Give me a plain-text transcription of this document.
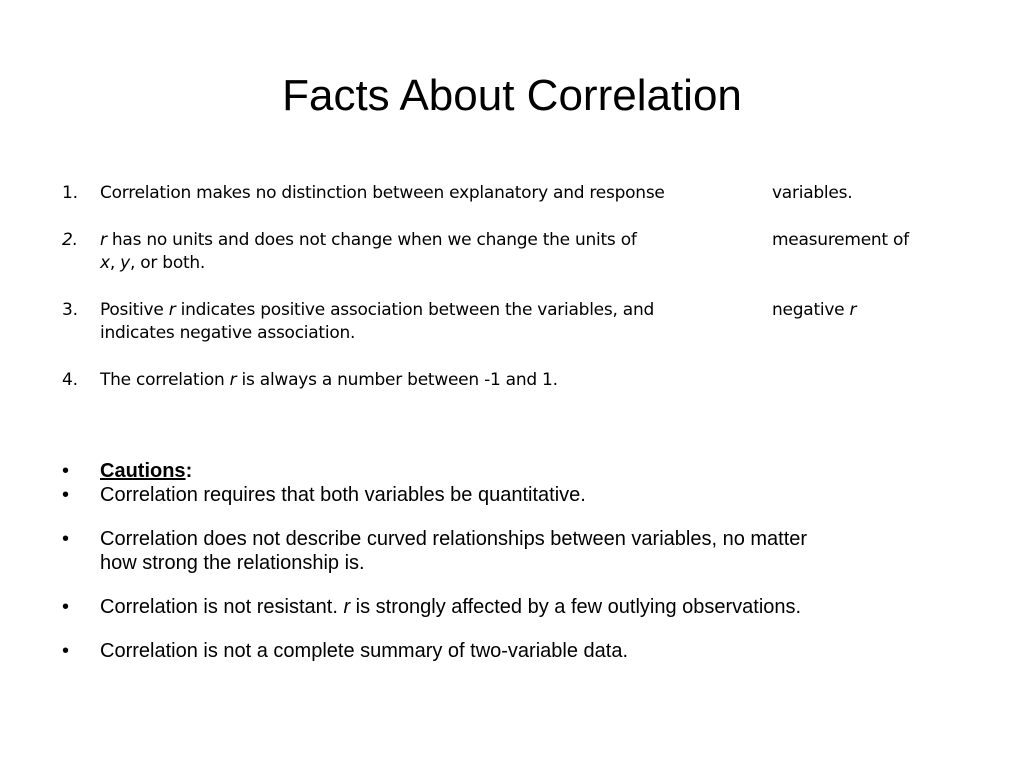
Facts About Correlation
1. Correlation makes no distinction between explanatory and response	variables.
2. r has no units and does not change when we change the units of	measurement of
x, y, or both.
3. Positive r indicates positive association between the variables, and	negative r
indicates negative association.
4. The correlation r is always a number between -1 and 1.
• Cautions:
• Correlation requires that both variables be quantitative.
• Correlation does not describe curved relationships between variables, no matter
how strong the relationship is.
• Correlation is not resistant. r is strongly affected by a few outlying observations.
• Correlation is not a complete summary of two-variable data.
